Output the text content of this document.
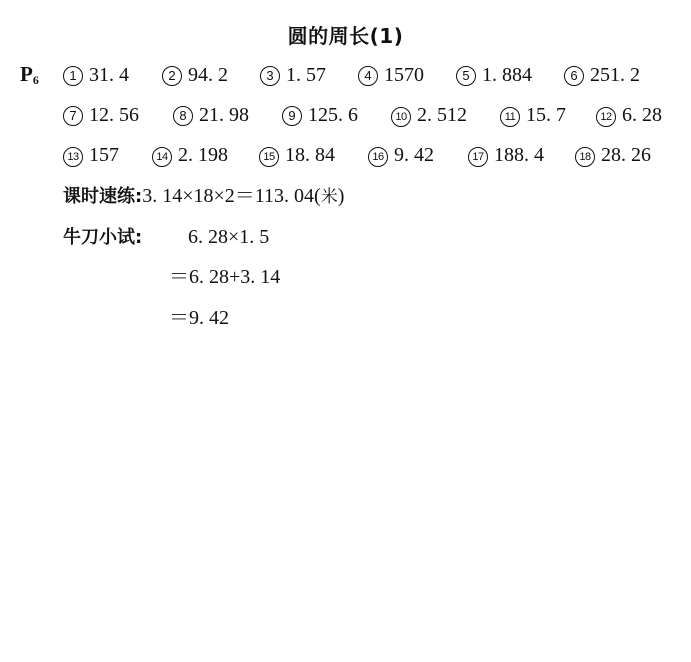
圆的周长(1)
$P_6$	1 31. 4	2 94. 2	3 1. 57	4 1570	5 1. 884	6 251. 2
7 12. 56	8 21. 98	9 125. 6	10 2. 512	11 15. 7	12 6. 28
13 157	14 2. 198	15 18. 84	16 9. 42	17 188. 4	18 28. 26
课时速练:3. 14×18×2＝113. 04(米)
牛刀小试: 6. 28×1. 5
＝6. 28+3. 14
＝9. 42
